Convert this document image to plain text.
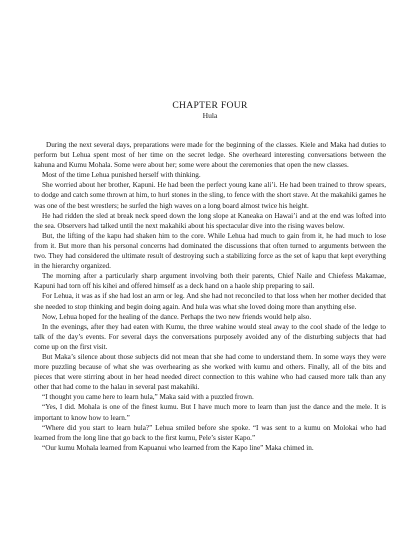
CHAPTER FOUR
Hula

During the next several days, preparations were made for the beginning of the classes. Kiele and Maka had duties to perform but Lehua spent most of her time on the secret ledge. She overheard interesting conversations between the kahuna and Kumu Mohala. Some were about her; some were about the ceremonies that open the new classes.

Most of the time Lehua punished herself with thinking.

She worried about her brother, Kapuni. He had been the perfect young kane ali’i. He had been trained to throw spears, to dodge and catch some thrown at him, to hurl stones in the sling, to fence with the short stave. At the makahiki games he was one of the best wrestlers; he surfed the high waves on a long board almost twice his height.

He had ridden the sled at break neck speed down the long slope at Kaneaka on Hawai’i and at the end was lofted into the sea. Observers had talked until the next makahiki about his spectacular dive into the rising waves below.

But, the lifting of the kapu had shaken him to the core. While Lehua had much to gain from it, he had much to lose from it. But more than his personal concerns had dominated the discussions that often turned to arguments between the two. They had considered the ultimate result of destroying such a stabilizing force as the set of kapu that kept everything in the hierarchy organized.

The morning after a particularly sharp argument involving both their parents, Chief Naile and Chiefess Makamae, Kapuni had torn off his kihei and offered himself as a deck hand on a haole ship preparing to sail.

For Lehua, it was as if she had lost an arm or leg. And she had not reconciled to that loss when her mother decided that she needed to stop thinking and begin doing again. And hula was what she loved doing more than anything else.

Now, Lehua hoped for the healing of the dance. Perhaps the two new friends would help also.

In the evenings, after they had eaten with Kumu, the three wahine would steal away to the cool shade of the ledge to talk of the day’s events. For several days the conversations purposely avoided any of the disturbing subjects that had come up on the first visit.

But Maka’s silence about those subjects did not mean that she had come to understand them. In some ways they were more puzzling because of what she was overhearing as she worked with kumu and others. Finally, all of the bits and pieces that were stirring about in her head needed direct connection to this wahine who had caused more talk than any other that had come to the halau in several past makahiki.

“I thought you came here to learn hula,” Maka said with a puzzled frown.

“Yes, I did. Mohala is one of the finest kumu. But I have much more to learn than just the dance and the mele. It is important to know how to learn.”

“Where did you start to learn hula?” Lehua smiled before she spoke. “I was sent to a kumu on Molokai who had learned from the long line that go back to the first kumu, Pele’s sister Kapo.”

“Our kumu Mohala learned from Kapuanui who learned from the Kapo line” Maka chimed in.
